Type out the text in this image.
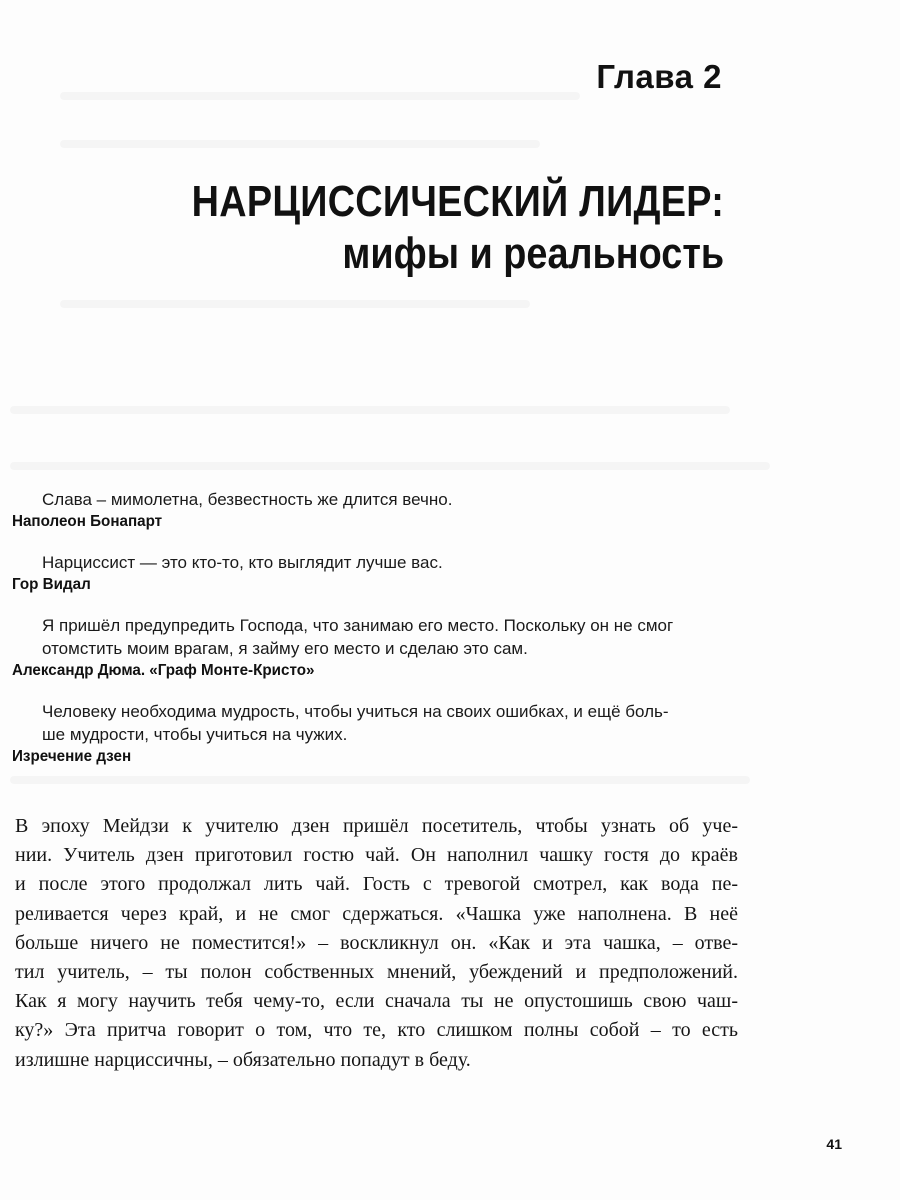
Глава 2
НАРЦИССИЧЕСКИЙ ЛИДЕР:
мифы и реальность
Слава – мимолетна, безвестность же длится вечно.
Наполеон Бонапарт
Нарциссист — это кто-то, кто выглядит лучше вас.
Гор Видал
Я пришёл предупредить Господа, что занимаю его место. Поскольку он не смог
отомстить моим врагам, я займу его место и сделаю это сам.
Александр Дюма. «Граф Монте-Кристо»
Человеку необходима мудрость, чтобы учиться на своих ошибках, и ещё боль-
ше мудрости, чтобы учиться на чужих.
Изречение дзен
В эпоху Мейдзи к учителю дзен пришёл посетитель, чтобы узнать об уче-
нии. Учитель дзен приготовил гостю чай. Он наполнил чашку гостя до краёв
и после этого продолжал лить чай. Гость с тревогой смотрел, как вода пе-
реливается через край, и не смог сдержаться. «Чашка уже наполнена. В неё
больше ничего не поместится!» – воскликнул он. «Как и эта чашка, – отве-
тил учитель, – ты полон собственных мнений, убеждений и предположений.
Как я могу научить тебя чему-то, если сначала ты не опустошишь свою чаш-
ку?» Эта притча говорит о том, что те, кто слишком полны собой – то есть
излишне нарциссичны, – обязательно попадут в беду.
41
